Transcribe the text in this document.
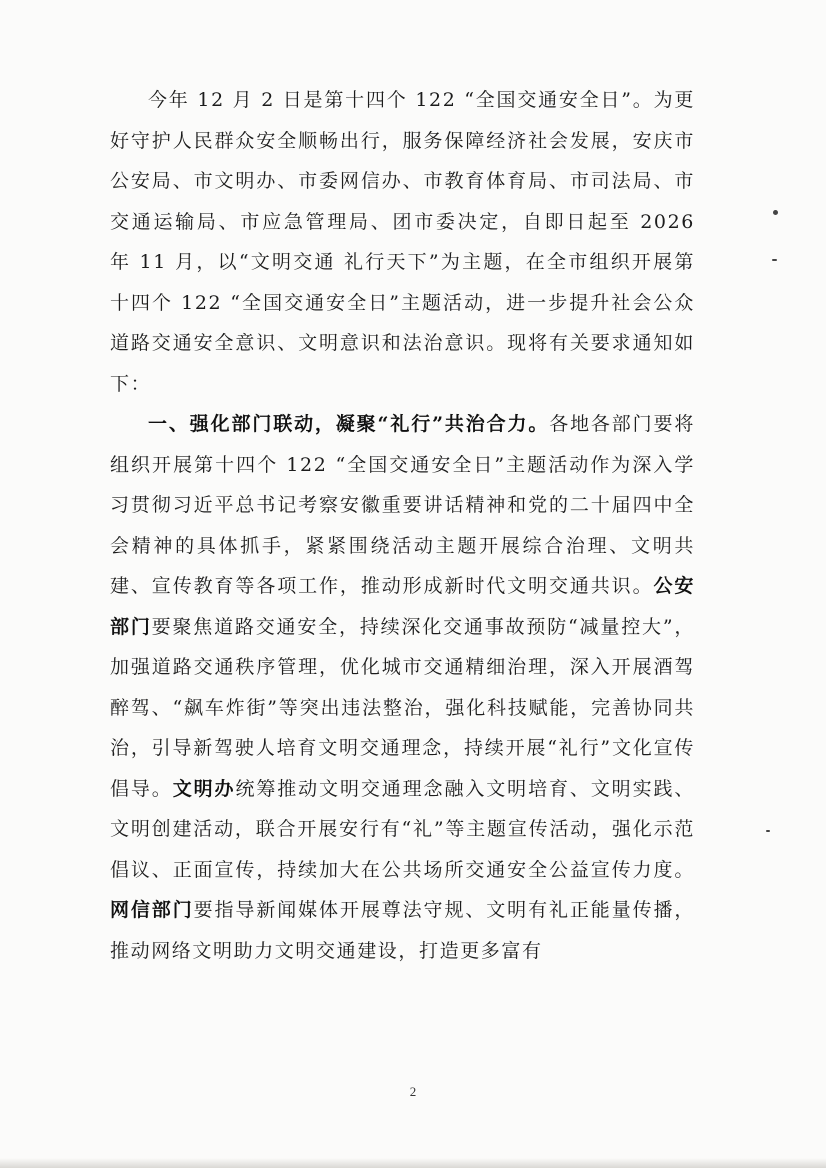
今年 12 月 2 日是第十四个 122 “全国交通安全日”。为更好守护人民群众安全顺畅出行，服务保障经济社会发展，安庆市公安局、市文明办、市委网信办、市教育体育局、市司法局、市交通运输局、市应急管理局、团市委决定，自即日起至 2026 年 11 月，以“文明交通 礼行天下”为主题，在全市组织开展第十四个 122 “全国交通安全日”主题活动，进一步提升社会公众道路交通安全意识、文明意识和法治意识。现将有关要求通知如下：

一、强化部门联动，凝聚“礼行”共治合力。各地各部门要将组织开展第十四个 122 “全国交通安全日”主题活动作为深入学习贯彻习近平总书记考察安徽重要讲话精神和党的二十届四中全会精神的具体抓手，紧紧围绕活动主题开展综合治理、文明共建、宣传教育等各项工作，推动形成新时代文明交通共识。公安部门要聚焦道路交通安全，持续深化交通事故预防“减量控大”，加强道路交通秩序管理，优化城市交通精细治理，深入开展酒驾醉驾、“飙车炸街”等突出违法整治，强化科技赋能，完善协同共治，引导新驾驶人培育文明交通理念，持续开展“礼行”文化宣传倡导。文明办统筹推动文明交通理念融入文明培育、文明实践、文明创建活动，联合开展安行有“礼”等主题宣传活动，强化示范倡议、正面宣传，持续加大在公共场所交通安全公益宣传力度。网信部门要指导新闻媒体开展尊法守规、文明有礼正能量传播，推动网络文明助力文明交通建设，打造更多富有

2
